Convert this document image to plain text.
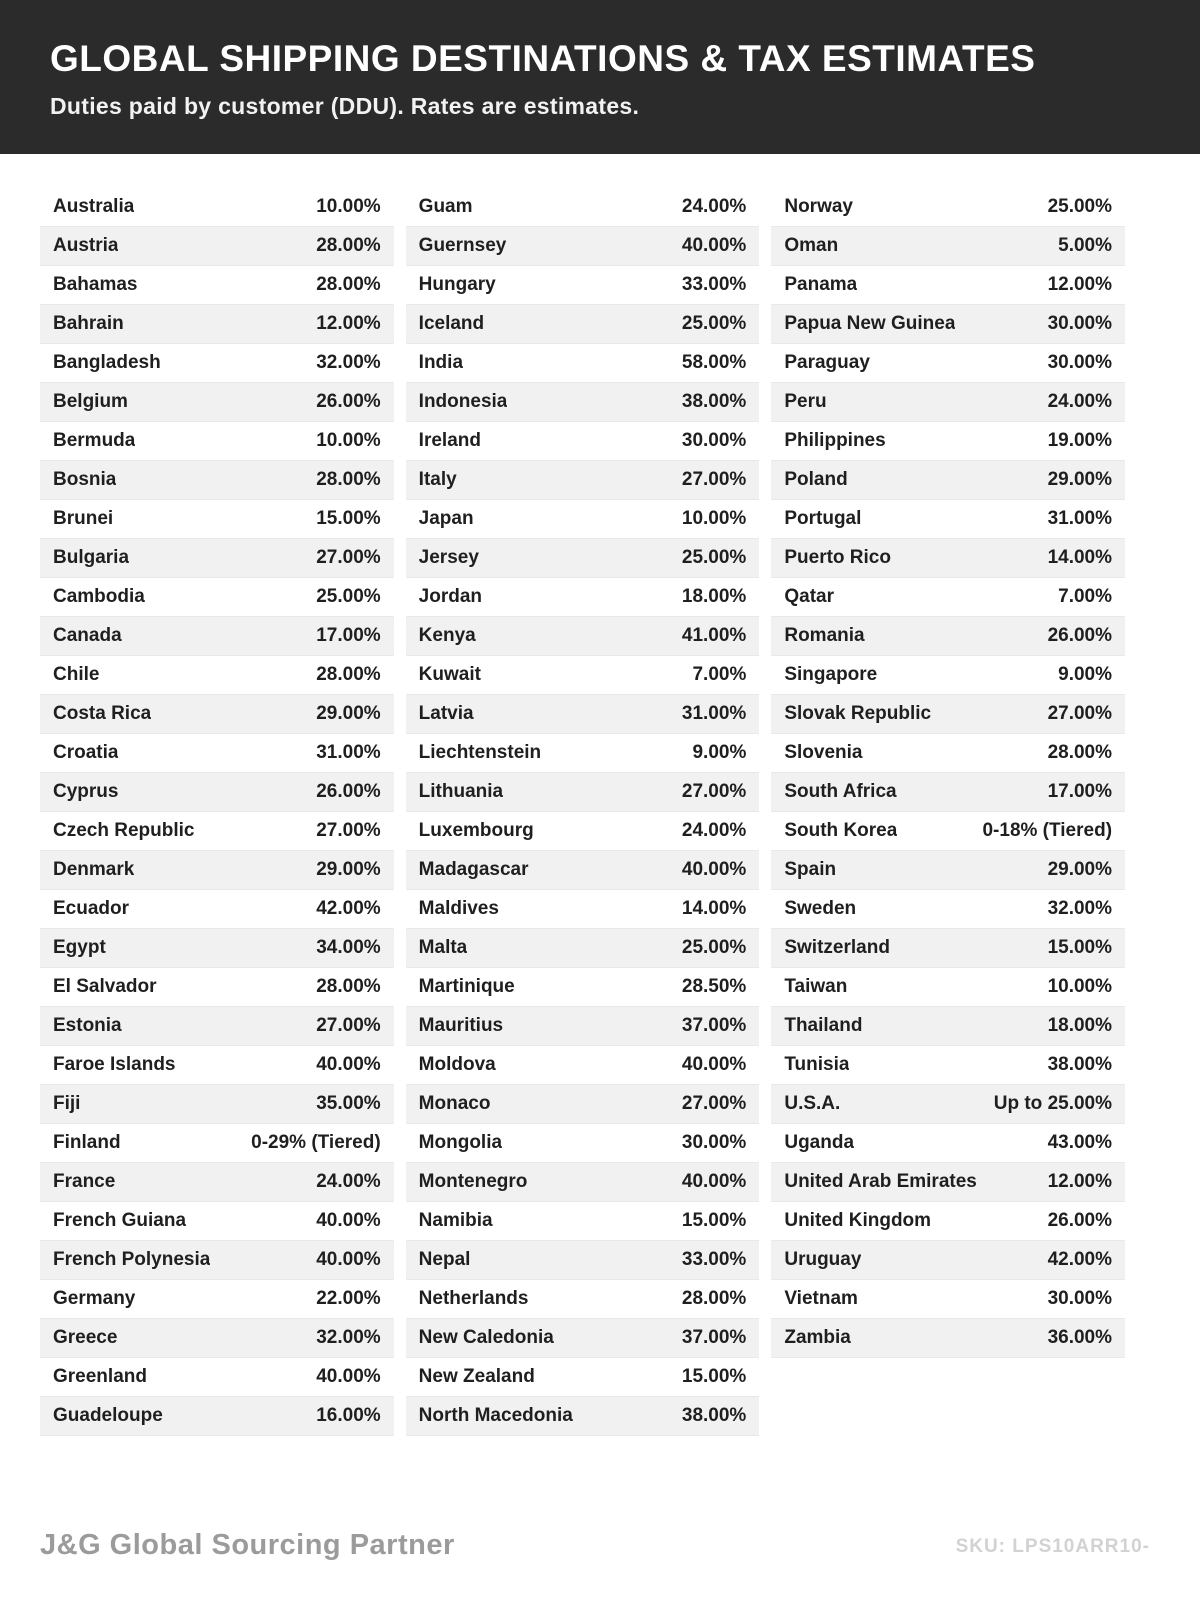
GLOBAL SHIPPING DESTINATIONS & TAX ESTIMATES
Duties paid by customer (DDU). Rates are estimates.
Australia	10.00%
Austria	28.00%
Bahamas	28.00%
Bahrain	12.00%
Bangladesh	32.00%
Belgium	26.00%
Bermuda	10.00%
Bosnia	28.00%
Brunei	15.00%
Bulgaria	27.00%
Cambodia	25.00%
Canada	17.00%
Chile	28.00%
Costa Rica	29.00%
Croatia	31.00%
Cyprus	26.00%
Czech Republic	27.00%
Denmark	29.00%
Ecuador	42.00%
Egypt	34.00%
El Salvador	28.00%
Estonia	27.00%
Faroe Islands	40.00%
Fiji	35.00%
Finland	0-29% (Tiered)
France	24.00%
French Guiana	40.00%
French Polynesia	40.00%
Germany	22.00%
Greece	32.00%
Greenland	40.00%
Guadeloupe	16.00%
Guam	24.00%
Guernsey	40.00%
Hungary	33.00%
Iceland	25.00%
India	58.00%
Indonesia	38.00%
Ireland	30.00%
Italy	27.00%
Japan	10.00%
Jersey	25.00%
Jordan	18.00%
Kenya	41.00%
Kuwait	7.00%
Latvia	31.00%
Liechtenstein	9.00%
Lithuania	27.00%
Luxembourg	24.00%
Madagascar	40.00%
Maldives	14.00%
Malta	25.00%
Martinique	28.50%
Mauritius	37.00%
Moldova	40.00%
Monaco	27.00%
Mongolia	30.00%
Montenegro	40.00%
Namibia	15.00%
Nepal	33.00%
Netherlands	28.00%
New Caledonia	37.00%
New Zealand	15.00%
North Macedonia	38.00%
Norway	25.00%
Oman	5.00%
Panama	12.00%
Papua New Guinea	30.00%
Paraguay	30.00%
Peru	24.00%
Philippines	19.00%
Poland	29.00%
Portugal	31.00%
Puerto Rico	14.00%
Qatar	7.00%
Romania	26.00%
Singapore	9.00%
Slovak Republic	27.00%
Slovenia	28.00%
South Africa	17.00%
South Korea	0-18% (Tiered)
Spain	29.00%
Sweden	32.00%
Switzerland	15.00%
Taiwan	10.00%
Thailand	18.00%
Tunisia	38.00%
U.S.A.	Up to 25.00%
Uganda	43.00%
United Arab Emirates	12.00%
United Kingdom	26.00%
Uruguay	42.00%
Vietnam	30.00%
Zambia	36.00%
J&G Global Sourcing Partner	SKU: LPS10ARR10-
